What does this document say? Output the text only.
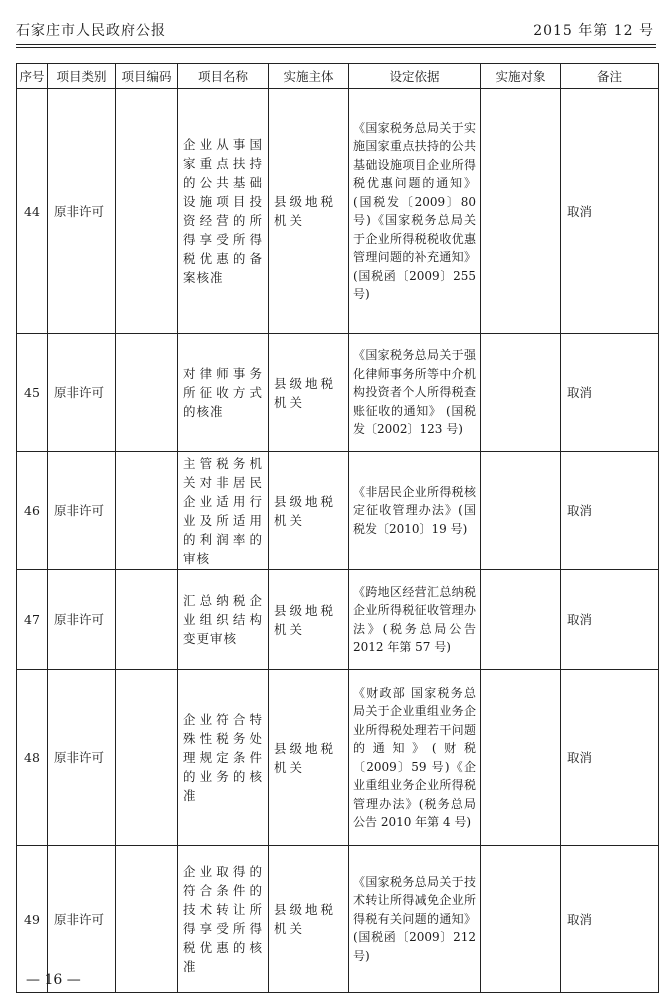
石家庄市人民政府公报	2015 年第 12 号
序号	项目类别	项目编码	项目名称	实施主体	设定依据	实施对象	备注
44	原非许可		企业从事国家重点扶持的公共基础设施项目投资经营的所得享受所得税优惠的备案核准	县级地税机关	《国家税务总局关于实施国家重点扶持的公共基础设施项目企业所得税优惠问题的通知》(国税发〔2009〕80 号)《国家税务总局关于企业所得税税收优惠管理问题的补充通知》 (国税函〔2009〕255 号)		取消
45	原非许可		对律师事务所征收方式的核准	县级地税机关	《国家税务总局关于强化律师事务所等中介机构投资者个人所得税查账征收的通知》 (国税发〔2002〕123 号)		取消
46	原非许可		主管税务机关对非居民企业适用行业及所适用的利润率的审核	县级地税机关	《非居民企业所得税核定征收管理办法》(国税发〔2010〕19 号)		取消
47	原非许可		汇总纳税企业组织结构变更审核	县级地税机关	《跨地区经营汇总纳税企业所得税征收管理办法》(税务总局公告 2012 年第 57 号)		取消
48	原非许可		企业符合特殊性税务处理规定条件的业务的核准	县级地税机关	《财政部 国家税务总局关于企业重组业务企业所得税处理若干问题的通知》(财税〔2009〕59 号)《企业重组业务企业所得税管理办法》(税务总局公告 2010 年第 4 号)		取消
49	原非许可		企业取得的符合条件的技术转让所得享受所得税优惠的核准	县级地税机关	《国家税务总局关于技术转让所得减免企业所得税有关问题的通知》(国税函〔2009〕212 号)		取消
— 16 —
